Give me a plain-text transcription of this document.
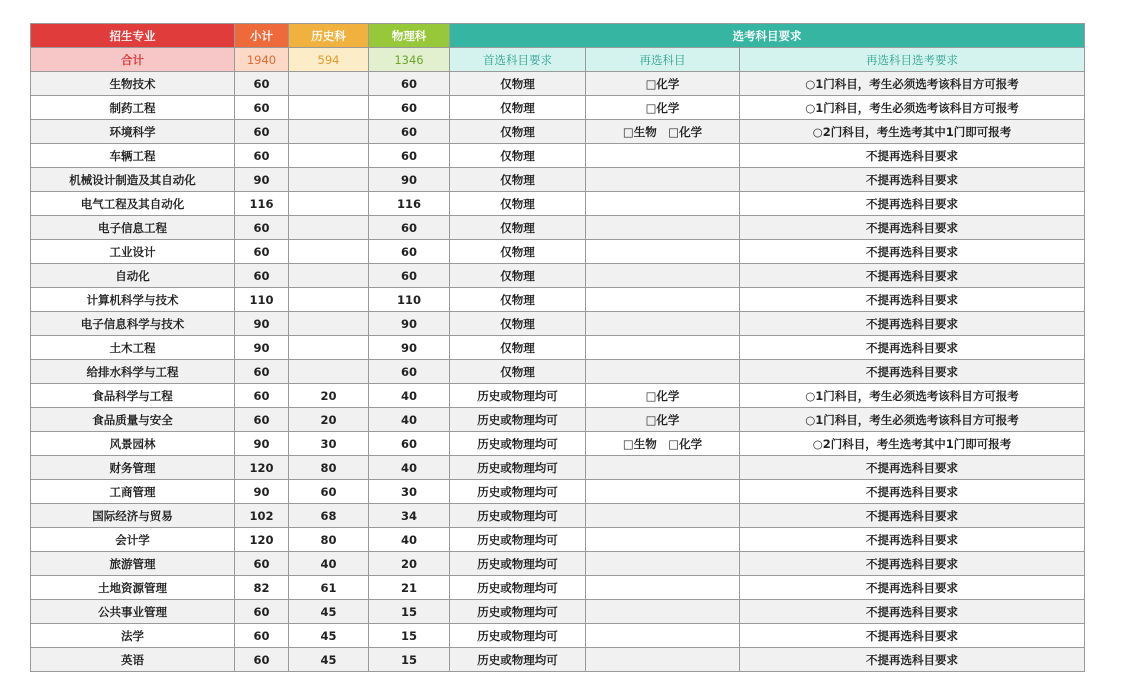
招生专业	小计	历史科	物理科	选考科目要求		
合计	1940	594	1346	首选科目要求	再选科目	再选科目选考要求
生物技术	60		60	仅物理	□化学	○1门科目，考生必须选考该科目方可报考
制药工程	60		60	仅物理	□化学	○1门科目，考生必须选考该科目方可报考
环境科学	60		60	仅物理	□生物　□化学	○2门科目，考生选考其中1门即可报考
车辆工程	60		60	仅物理		不提再选科目要求
机械设计制造及其自动化	90		90	仅物理		不提再选科目要求
电气工程及其自动化	116		116	仅物理		不提再选科目要求
电子信息工程	60		60	仅物理		不提再选科目要求
工业设计	60		60	仅物理		不提再选科目要求
自动化	60		60	仅物理		不提再选科目要求
计算机科学与技术	110		110	仅物理		不提再选科目要求
电子信息科学与技术	90		90	仅物理		不提再选科目要求
土木工程	90		90	仅物理		不提再选科目要求
给排水科学与工程	60		60	仅物理		不提再选科目要求
食品科学与工程	60	20	40	历史或物理均可	□化学	○1门科目，考生必须选考该科目方可报考
食品质量与安全	60	20	40	历史或物理均可	□化学	○1门科目，考生必须选考该科目方可报考
风景园林	90	30	60	历史或物理均可	□生物　□化学	○2门科目，考生选考其中1门即可报考
财务管理	120	80	40	历史或物理均可		不提再选科目要求
工商管理	90	60	30	历史或物理均可		不提再选科目要求
国际经济与贸易	102	68	34	历史或物理均可		不提再选科目要求
会计学	120	80	40	历史或物理均可		不提再选科目要求
旅游管理	60	40	20	历史或物理均可		不提再选科目要求
土地资源管理	82	61	21	历史或物理均可		不提再选科目要求
公共事业管理	60	45	15	历史或物理均可		不提再选科目要求
法学	60	45	15	历史或物理均可		不提再选科目要求
英语	60	45	15	历史或物理均可		不提再选科目要求
